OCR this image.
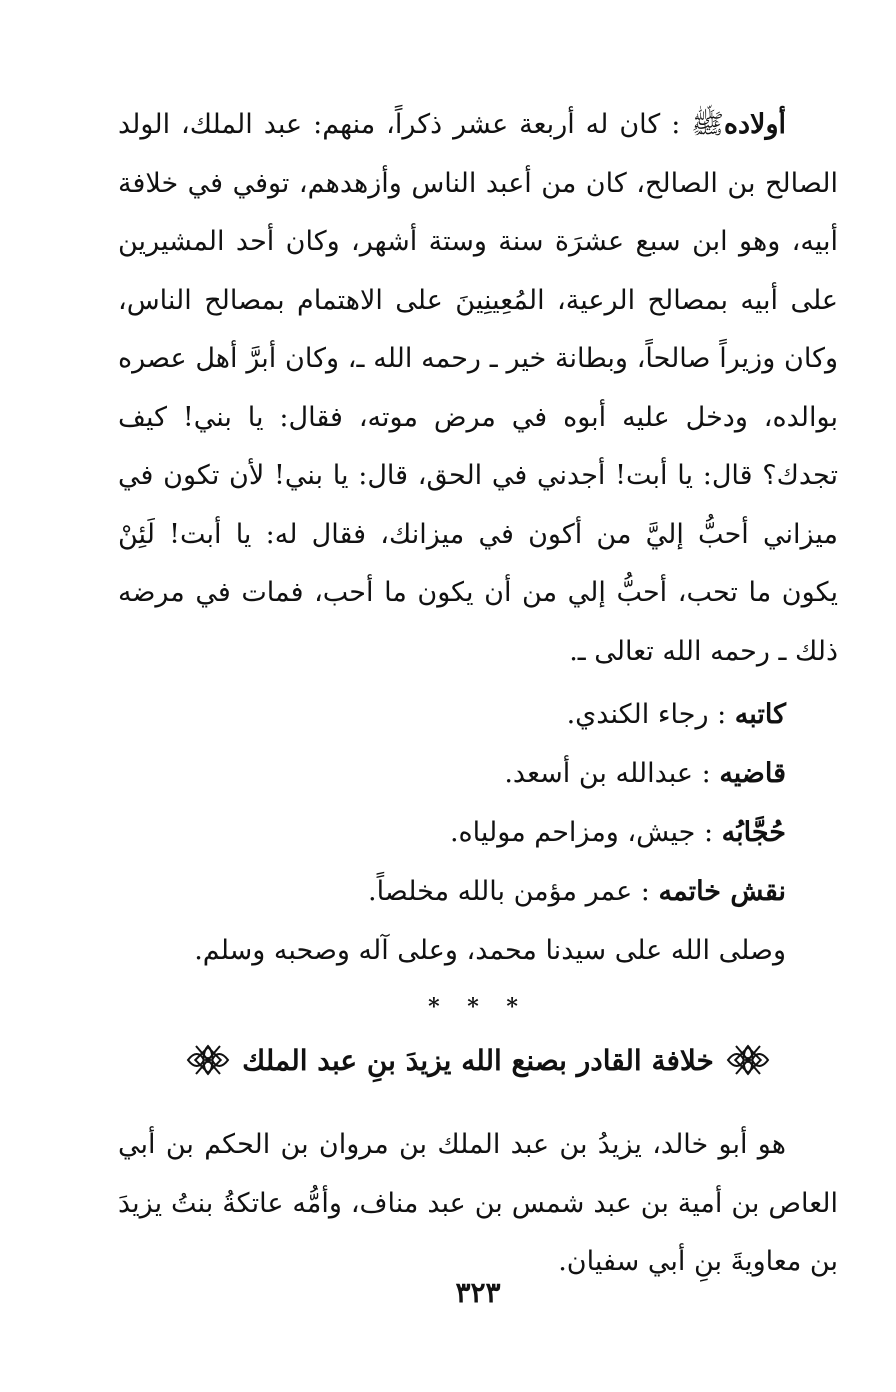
أولادهﷺ : كان له أربعة عشر ذكراً، منهم: عبد الملك، الولد الصالح بن الصالح، كان من أعبد الناس وأزهدهم، توفي في خلافة أبيه، وهو ابن سبع عشرَة سنة وستة أشهر، وكان أحد المشيرين على أبيه بمصالح الرعية، المُعِينِينَ على الاهتمام بمصالح الناس، وكان وزيراً صالحاً، وبطانة خير ـ رحمه الله ـ، وكان أبرَّ أهل عصره بوالده، ودخل عليه أبوه في مرض موته، فقال: يا بني! كيف تجدك؟ قال: يا أبت! أجدني في الحق، قال: يا بني! لأن تكون في ميزاني أحبُّ إليَّ من أكون في ميزانك، فقال له: يا أبت! لَئِنْ يكون ما تحب، أحبُّ إلي من أن يكون ما أحب، فمات في مرضه ذلك ـ رحمه الله تعالى ـ.

كاتبه : رجاء الكندي.
قاضيه : عبدالله بن أسعد.
حُجَّابُه : جيش، ومزاحم مولياه.
نقش خاتمه : عمر مؤمن بالله مخلصاً.
وصلى الله على سيدنا محمد، وعلى آله وصحبه وسلم.
* * *
خلافة القادر بصنع الله يزيدَ بنِ عبد الملك

هو أبو خالد، يزيدُ بن عبد الملك بن مروان بن الحكم بن أبي العاص بن أمية بن عبد شمس بن عبد مناف، وأمُّه عاتكةُ بنتُ يزيدَ بن معاويةَ بنِ أبي سفيان.

٣٢٣
